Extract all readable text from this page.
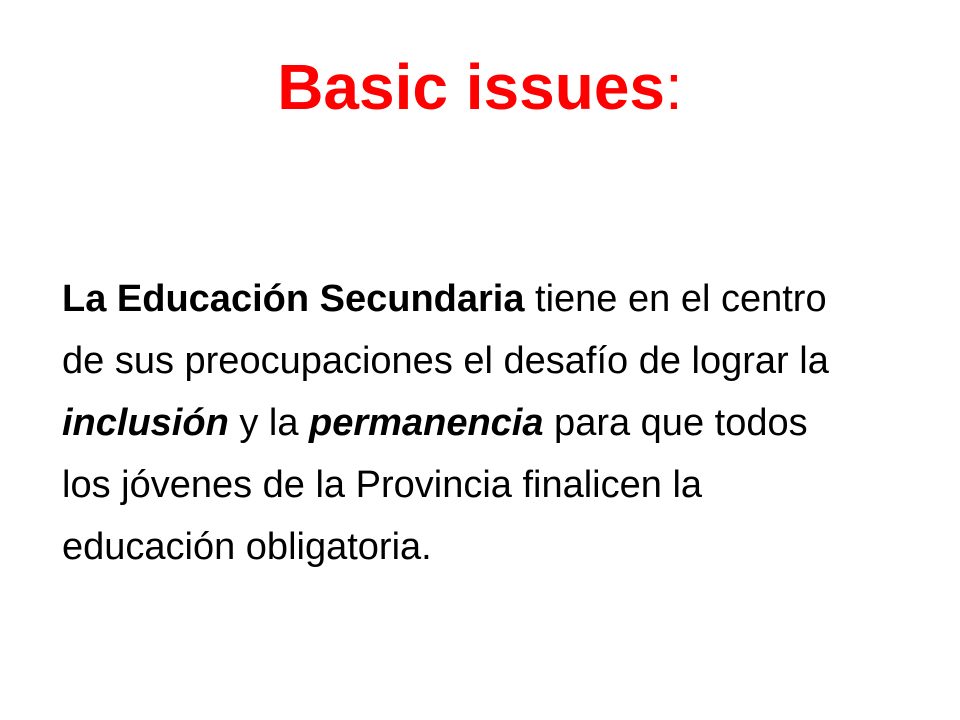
Basic issues:

La Educación Secundaria tiene en el centro de sus preocupaciones el desafío de lograr la inclusión y la permanencia para que todos los jóvenes de la Provincia finalicen la educación obligatoria.
